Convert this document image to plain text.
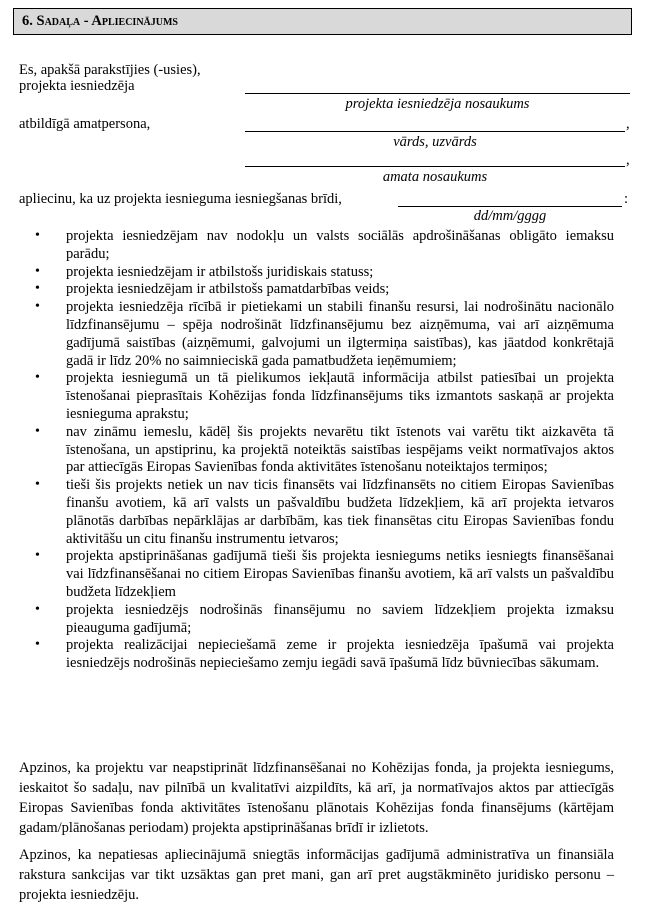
6. Sadaļa - Apliecinājums
Es, apakšā parakstījies (-usies),
projekta iesniedzēja
projekta iesniedzēja nosaukums
atbildīgā amatpersona,	,
vārds, uzvārds
,
amata nosaukums
apliecinu, ka uz projekta iesnieguma iesniegšanas brīdi,	:
dd/mm/gggg
• projekta iesniedzējam nav nodokļu un valsts sociālās apdrošināšanas obligāto iemaksu parādu;
• projekta iesniedzējam ir atbilstošs juridiskais statuss;
• projekta iesniedzējam ir atbilstošs pamatdarbības veids;
• projekta iesniedzēja rīcībā ir pietiekami un stabili finanšu resursi, lai nodrošinātu nacionālo līdzfinansējumu – spēja nodrošināt līdzfinansējumu bez aizņēmuma, vai arī aizņēmuma gadījumā saistības (aizņēmumi, galvojumi un ilgtermiņa saistības), kas jāatdod konkrētajā gadā ir līdz 20% no saimnieciskā gada pamatbudžeta ieņēmumiem;
• projekta iesniegumā un tā pielikumos iekļautā informācija atbilst patiesībai un projekta īstenošanai pieprasītais Kohēzijas fonda līdzfinansējums tiks izmantots saskaņā ar projekta iesnieguma aprakstu;
• nav zināmu iemeslu, kādēļ šis projekts nevarētu tikt īstenots vai varētu tikt aizkavēta tā īstenošana, un apstiprinu, ka projektā noteiktās saistības iespējams veikt normatīvajos aktos par attiecīgās Eiropas Savienības fonda aktivitātes īstenošanu noteiktajos termiņos;
• tieši šis projekts netiek un nav ticis finansēts vai līdzfinansēts no citiem Eiropas Savienības finanšu avotiem, kā arī valsts un pašvaldību budžeta līdzekļiem, kā arī projekta ietvaros plānotās darbības nepārklājas ar darbībām, kas tiek finansētas citu Eiropas Savienības fondu aktivitāšu un citu finanšu instrumentu ietvaros;
• projekta apstiprināšanas gadījumā tieši šis projekta iesniegums netiks iesniegts finansēšanai vai līdzfinansēšanai no citiem Eiropas Savienības finanšu avotiem, kā arī valsts un pašvaldību budžeta līdzekļiem
• projekta iesniedzējs nodrošinās finansējumu no saviem līdzekļiem projekta izmaksu pieauguma gadījumā;
• projekta realizācijai nepieciešamā zeme ir projekta iesniedzēja īpašumā vai projekta iesniedzējs nodrošinās nepieciešamo zemju iegādi savā īpašumā līdz būvniecības sākumam.
Apzinos, ka projektu var neapstiprināt līdzfinansēšanai no Kohēzijas fonda, ja projekta iesniegums, ieskaitot šo sadaļu, nav pilnībā un kvalitatīvi aizpildīts, kā arī, ja normatīvajos aktos par attiecīgās Eiropas Savienības fonda aktivitātes īstenošanu plānotais Kohēzijas fonda finansējums (kārtējam gadam/plānošanas periodam) projekta apstiprināšanas brīdī ir izlietots.
Apzinos, ka nepatiesas apliecinājumā sniegtās informācijas gadījumā administratīva un finansiāla rakstura sankcijas var tikt uzsāktas gan pret mani, gan arī pret augstākminēto juridisko personu – projekta iesniedzēju.
